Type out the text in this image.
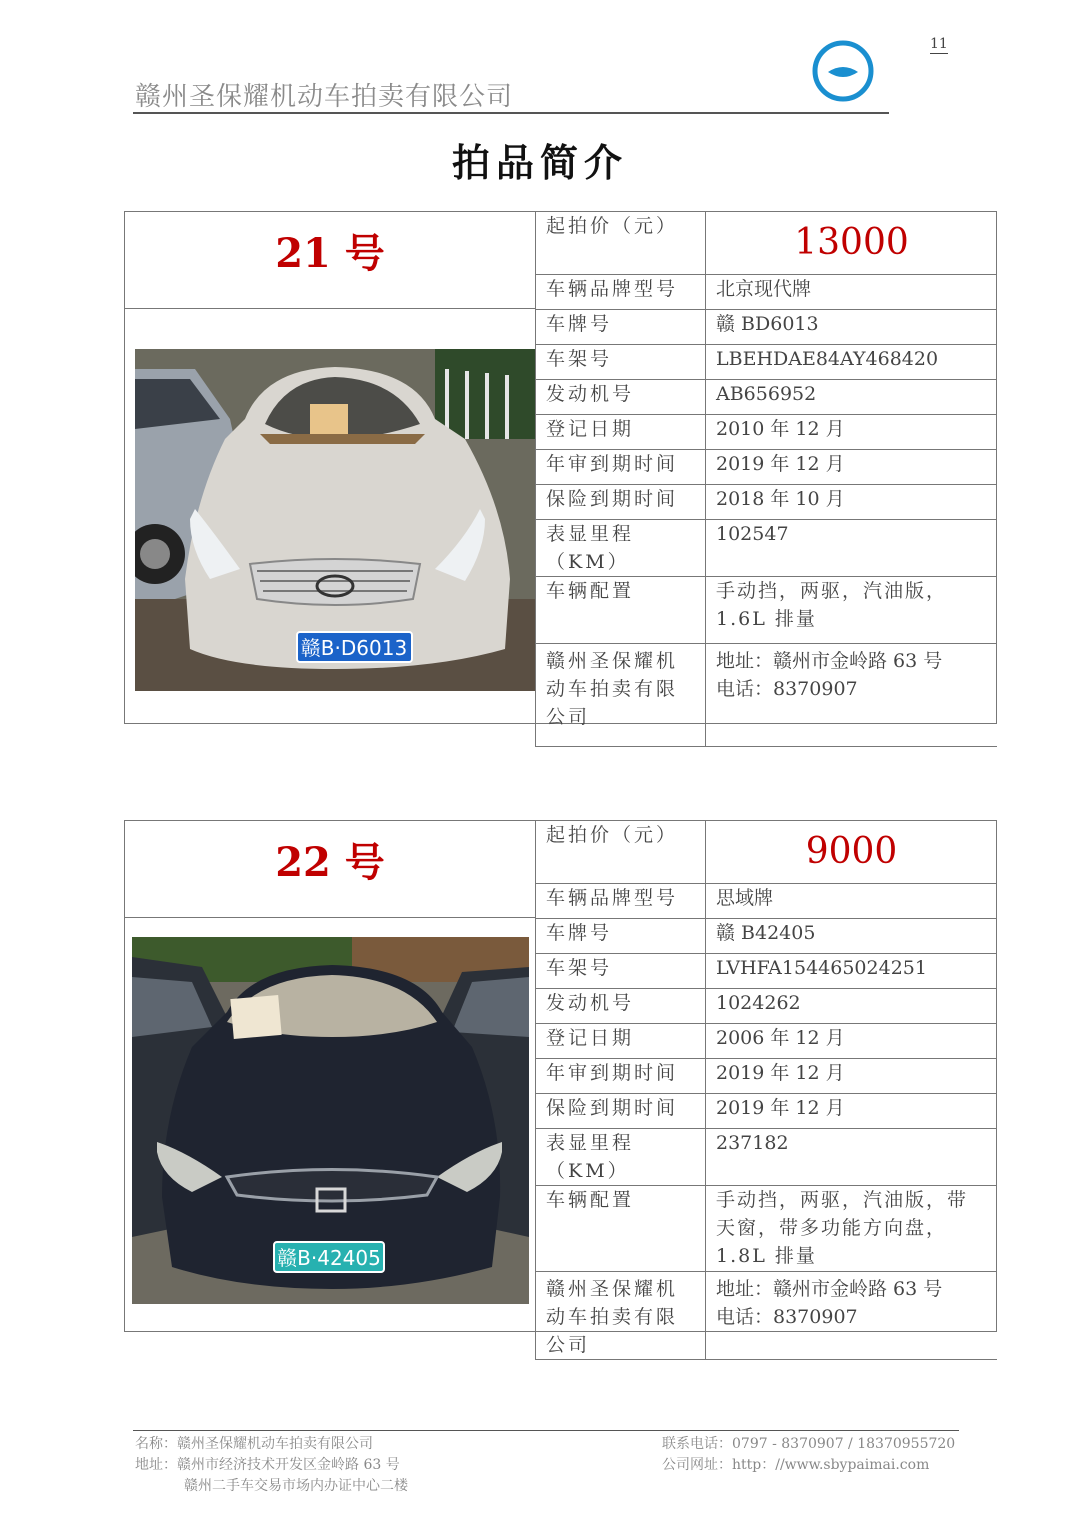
11
赣州圣保耀机动车拍卖有限公司
拍品简介
21 号
赣B·D6013
起拍价（元）	13000
车辆品牌型号	北京现代牌
车牌号	赣 BD6013
车架号	LBEHDAE84AY468420
发动机号	AB656952
登记日期	2010 年 12 月
年审到期时间	2019 年 12 月
保险到期时间	2018 年 10 月
表显里程（KM）	102547
车辆配置	手动挡，两驱，汽油版，1.6L 排量
赣州圣保耀机动车拍卖有限公司	地址：赣州市金岭路 63 号
电话：8370907
22 号
赣B·42405
起拍价（元）	9000
车辆品牌型号	思域牌
车牌号	赣 B42405
车架号	LVHFA154465024251
发动机号	1024262
登记日期	2006 年 12 月
年审到期时间	2019 年 12 月
保险到期时间	2019 年 12 月
表显里程（KM）	237182
车辆配置	手动挡，两驱，汽油版，带天窗，带多功能方向盘， 1.8L 排量
赣州圣保耀机动车拍卖有限公司	地址：赣州市金岭路 63 号
电话：8370907
名称：赣州圣保耀机动车拍卖有限公司
地址：赣州市经济技术开发区金岭路 63 号
赣州二手车交易市场内办证中心二楼
联系电话：0797 - 8370907 / 18370955720
公司网址：http：//www.sbypaimai.com
